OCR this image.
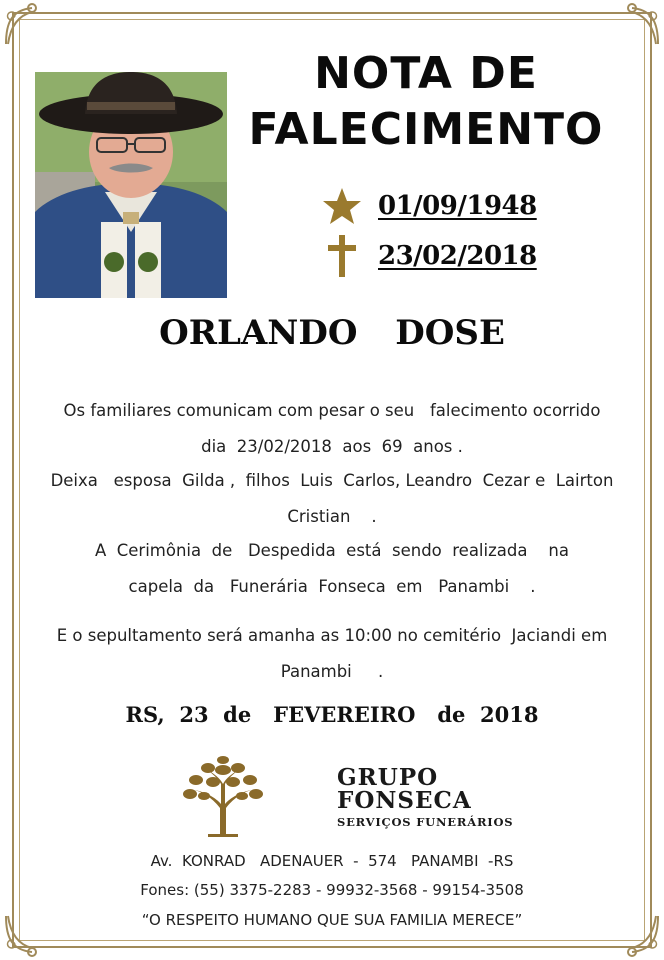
NOTA DE
FALECIMENTO
01/09/1948
23/02/2018
ORLANDO DOSE
Os familiares comunicam com pesar o seu   falecimento ocorrido
dia  23/02/2018  aos  69  anos .
Deixa   esposa  Gilda ,  filhos  Luis  Carlos, Leandro  Cezar e  Lairton
Cristian    .
A  Cerimônia  de   Despedida  está  sendo  realizada    na
capela  da   Funerária  Fonseca  em   Panambi    .
E o sepultamento será amanha as 10:00 no cemitério  Jaciandi em
Panambi     .
RS,  23  de   FEVEREIRO   de  2018
GRUPO
FONSECA
SERVIÇOS FUNERÁRIOS
Av.  KONRAD   ADENAUER  -  574   PANAMBI  -RS
Fones: (55) 3375-2283 - 99932-3568 - 99154-3508
“O RESPEITO HUMANO QUE SUA FAMILIA MERECE”
